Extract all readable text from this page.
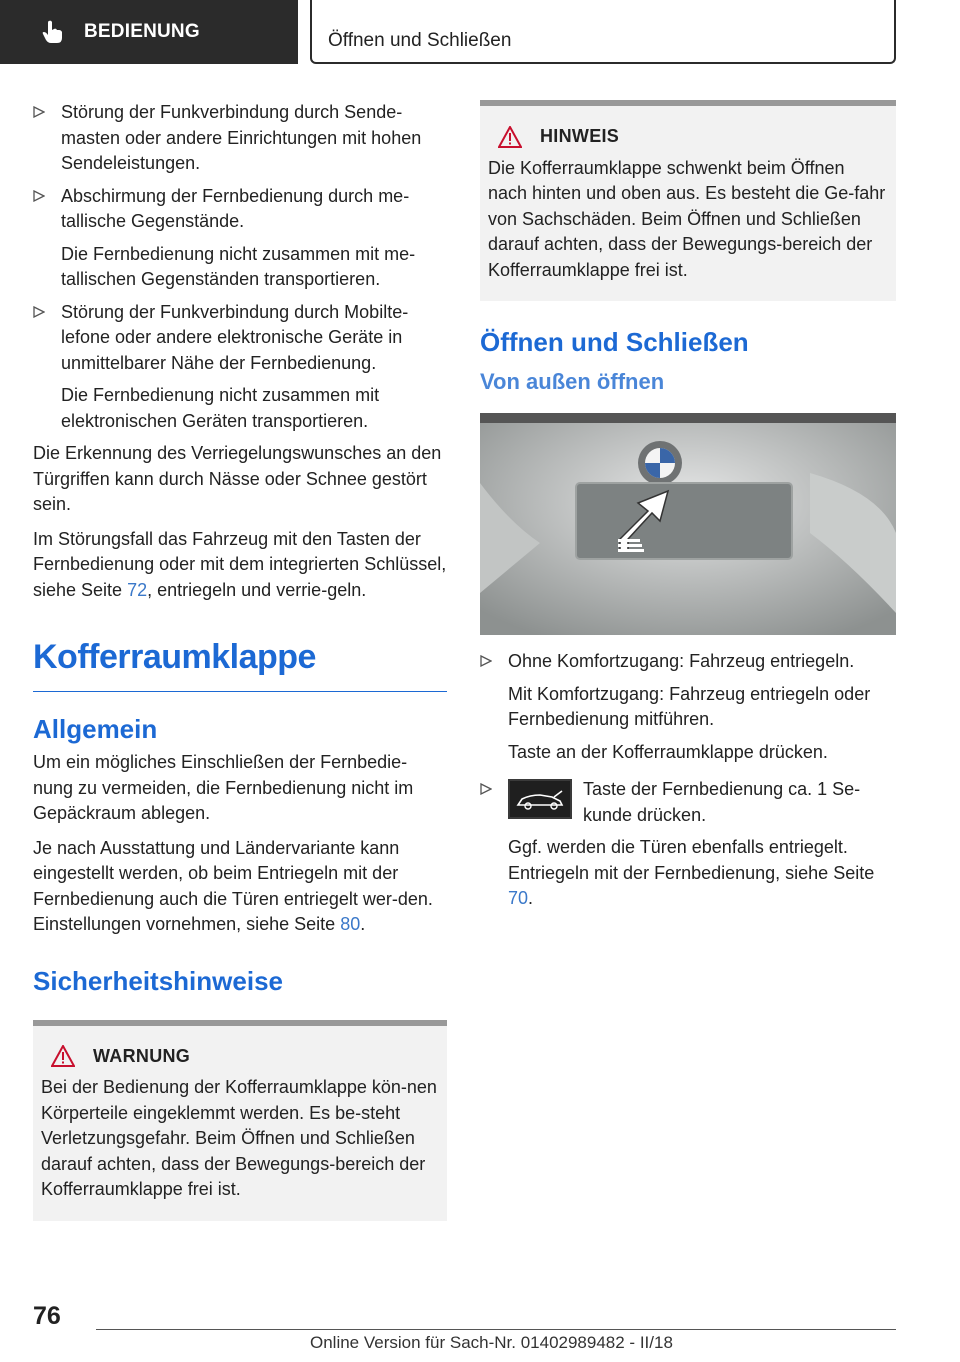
BEDIENUNG	Öffnen und Schließen
Störung der Funkverbindung durch Sende-masten oder andere Einrichtungen mit hohen Sendeleistungen.
Abschirmung der Fernbedienung durch me-tallische Gegenstände.
Die Fernbedienung nicht zusammen mit me-tallischen Gegenständen transportieren.
Störung der Funkverbindung durch Mobilte-lefone oder andere elektronische Geräte in unmittelbarer Nähe der Fernbedienung.
Die Fernbedienung nicht zusammen mit elektronischen Geräten transportieren.

Die Erkennung des Verriegelungswunsches an den Türgriffen kann durch Nässe oder Schnee gestört sein.

Im Störungsfall das Fahrzeug mit den Tasten der Fernbedienung oder mit dem integrierten Schlüssel, siehe Seite 72, entriegeln und verrie-geln.

Kofferraumklappe
Allgemein

Um ein mögliches Einschließen der Fernbedie-nung zu vermeiden, die Fernbedienung nicht im Gepäckraum ablegen.

Je nach Ausstattung und Ländervariante kann eingestellt werden, ob beim Entriegeln mit der Fernbedienung auch die Türen entriegelt wer-den. Einstellungen vornehmen, siehe Seite 80.

Sicherheitshinweise
WARNUNG
Bei der Bedienung der Kofferraumklappe kön-nen Körperteile eingeklemmt werden. Es be-steht Verletzungsgefahr. Beim Öffnen und Schließen darauf achten, dass der Bewegungs-bereich der Kofferraumklappe frei ist.
HINWEIS
Die Kofferraumklappe schwenkt beim Öffnen nach hinten und oben aus. Es besteht die Ge-fahr von Sachschäden. Beim Öffnen und Schließen darauf achten, dass der Bewegungs-bereich der Kofferraumklappe frei ist.
Öffnen und Schließen
Von außen öffnen
Ohne Komfortzugang: Fahrzeug entriegeln.
Mit Komfortzugang: Fahrzeug entriegeln oder Fernbedienung mitführen.
Taste an der Kofferraumklappe drücken.
Taste der Fernbedienung ca. 1 Se-kunde drücken.
Ggf. werden die Türen ebenfalls entriegelt. Entriegeln mit der Fernbedienung, siehe Seite 70.
76
Online Version für Sach-Nr. 01402989482 - II/18
